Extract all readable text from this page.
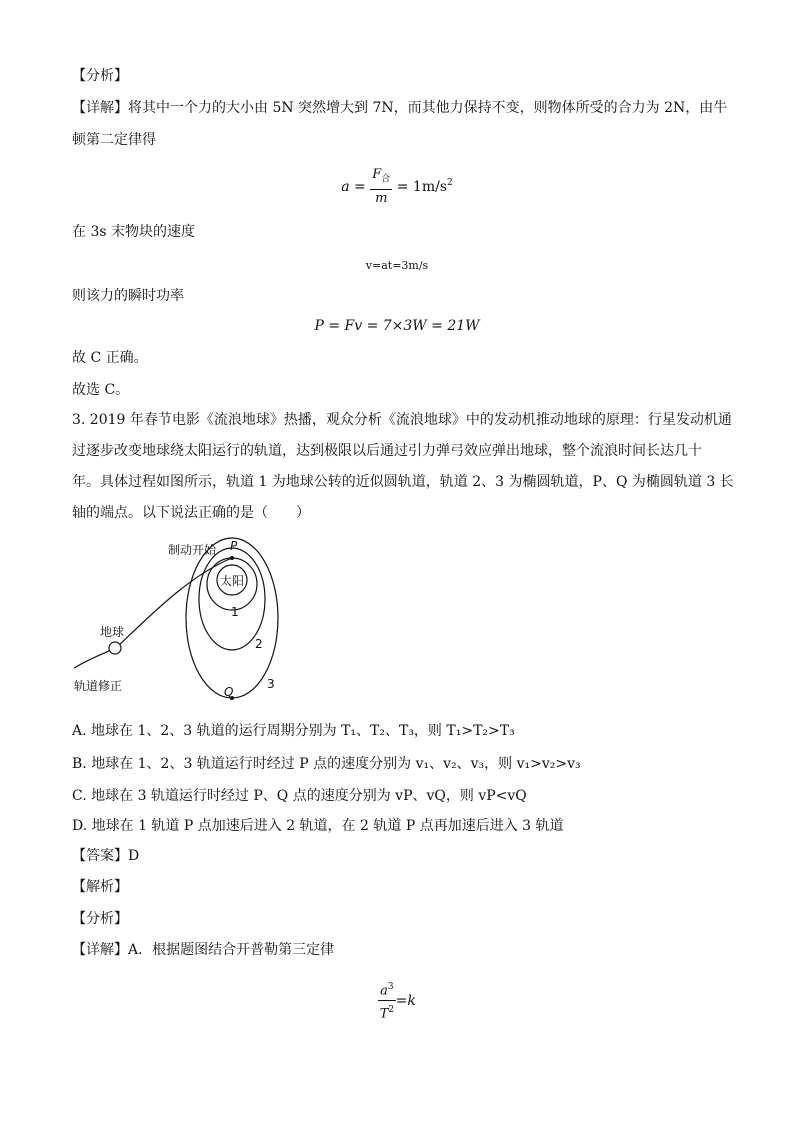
【分析】
【详解】将其中一个力的大小由 5N 突然增大到 7N，而其他力保持不变，则物体所受的合力为 2N，由牛
顿第二定律得
$a = \frac{F_合}{m} = 1m/s^2$
在 3s 末物块的速度
v=at=3m/s
则该力的瞬时功率
P = Fv = 7×3W = 21W
故 C 正确。
故选 C。
3. 2019 年春节电影《流浪地球》热播，观众分析《流浪地球》中的发动机推动地球的原理：行星发动机通
过逐步改变地球绕太阳运行的轨道，达到极限以后通过引力弹弓效应弹出地球，整个流浪时间长达几十
年。具体过程如图所示，轨道 1 为地球公转的近似圆轨道，轨道 2、3 为椭圆轨道，P、Q 为椭圆轨道 3 长
轴的端点。以下说法正确的是（　　）
制动开始 P
太阳
1
2
3
地球
Q
轨道修正
A. 地球在 1、2、3 轨道的运行周期分别为 T₁、T₂、T₃，则 T₁>T₂>T₃
B. 地球在 1、2、3 轨道运行时经过 P 点的速度分别为 v₁、v₂、v₃，则 v₁>v₂>v₃
C. 地球在 3 轨道运行时经过 P、Q 点的速度分别为 vP、vQ，则 vP<vQ
D. 地球在 1 轨道 P 点加速后进入 2 轨道，在 2 轨道 P 点再加速后进入 3 轨道
【答案】D
【解析】
【分析】
【详解】A．根据题图结合开普勒第三定律
$\frac{a^3}{T^2} =k$
